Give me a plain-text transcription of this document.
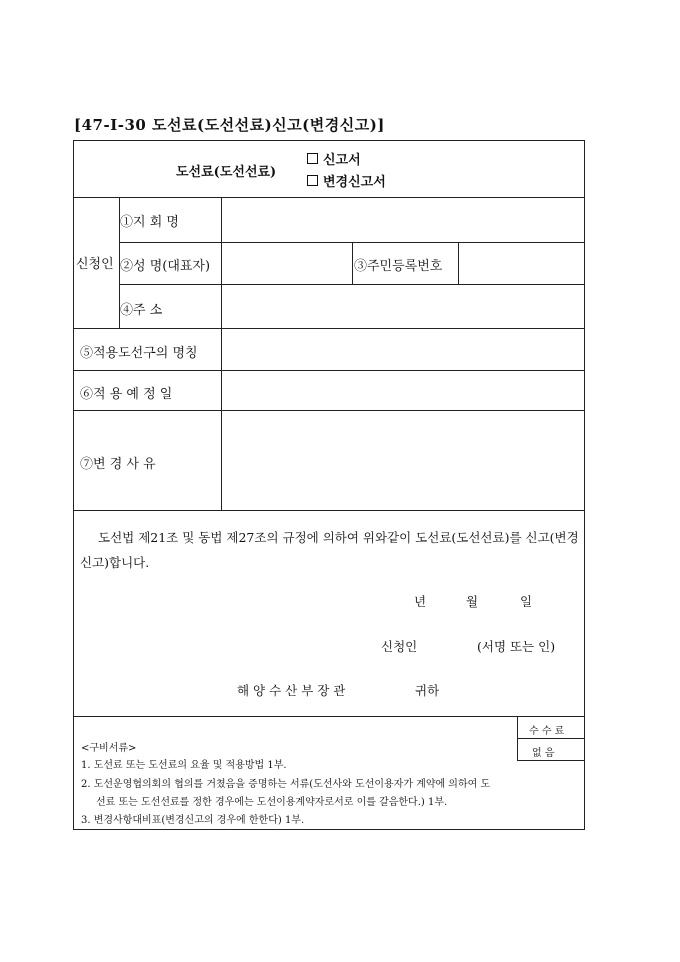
[47-I-30 도선료(도선선료)신고(변경신고)]
도선료(도선선료)
신고서
변경신고서
신청인
①지 회 명
②성 명(대표자)	③주민등록번호
④주 소
⑤적용도선구의 명칭
⑥적 용 예 정 일
⑦변 경 사 유
도선법 제21조 및 동법 제27조의 규정에 의하여 위와같이 도선료(도선선료)를 신고(변경신고)합니다.
년	월	일
신청인	(서명 또는 인)
해 양 수 산 부 장 관	귀하
<구비서류>
1. 도선료 또는 도선료의 요율 및 적용방법 1부.
2. 도선운영협의회의 협의를 거쳤음을 증명하는 서류(도선사와 도선이용자가 계약에 의하여 도
선료 또는 도선선료를 정한 경우에는 도선이용계약자로서로 이를 갈음한다.) 1부.
3. 변경사항대비표(변경신고의 경우에 한한다) 1부.
수 수 료
없 음
